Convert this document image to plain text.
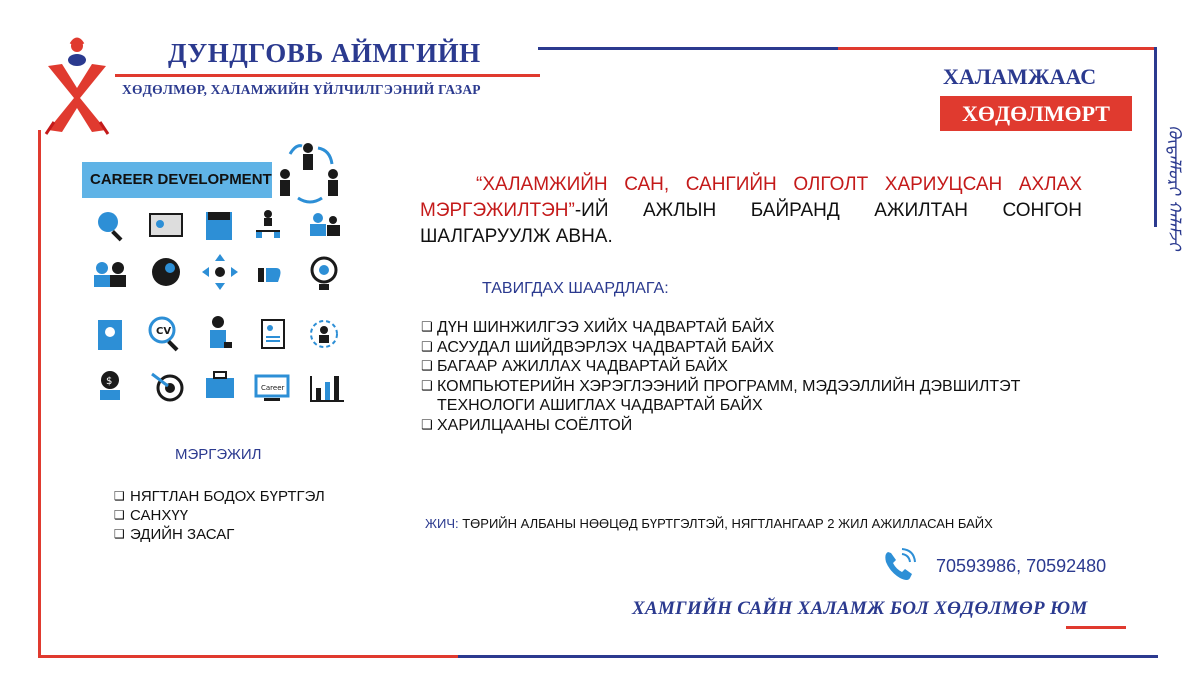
ДУНДГОВЬ АЙМГИЙН
ХӨДӨЛМӨР, ХАЛАМЖИЙН ҮЙЛЧИЛГЭЭНИЙ ГАЗАР
ХАЛАМЖААС
ХӨДӨЛМӨРТ
ᠬᠥᠳᠡᠯᠮᠦᠷᠢ ᠬᠠᠯᠠᠮᠵᠢ
CAREER DEVELOPMENT
CV
$
Career
“ХАЛАМЖИЙН САН, САНГИЙН ОЛГОЛТ ХАРИУЦСАН АХЛАХ МЭРГЭЖИЛТЭН”-ИЙ АЖЛЫН БАЙРАНД АЖИЛТАН СОНГОН ШАЛГАРУУЛЖ АВНА.
ТАВИГДАХ ШААРДЛАГА:
❑ ДҮН ШИНЖИЛГЭЭ ХИЙХ ЧАДВАРТАЙ БАЙХ
❑ АСУУДАЛ ШИЙДВЭРЛЭХ ЧАДВАРТАЙ БАЙХ
❑ БАГААР АЖИЛЛАХ ЧАДВАРТАЙ БАЙХ
❑ КОМПЬЮТЕРИЙН ХЭРЭГЛЭЭНИЙ ПРОГРАММ, МЭДЭЭЛЛИЙН ДЭВШИЛТЭТ ТЕХНОЛОГИ АШИГЛАХ ЧАДВАРТАЙ БАЙХ
❑ ХАРИЛЦААНЫ СОЁЛТОЙ
МЭРГЭЖИЛ
❑ НЯГТЛАН БОДОХ БҮРТГЭЛ
❑ САНХҮҮ
❑ ЭДИЙН ЗАСАГ
ЖИЧ: ТӨРИЙН АЛБАНЫ НӨӨЦӨД БҮРТГЭЛТЭЙ, НЯГТЛАНГААР 2 ЖИЛ АЖИЛЛАСАН БАЙХ
70593986, 70592480
ХАМГИЙН САЙН ХАЛАМЖ БОЛ ХӨДӨЛМӨР ЮМ
